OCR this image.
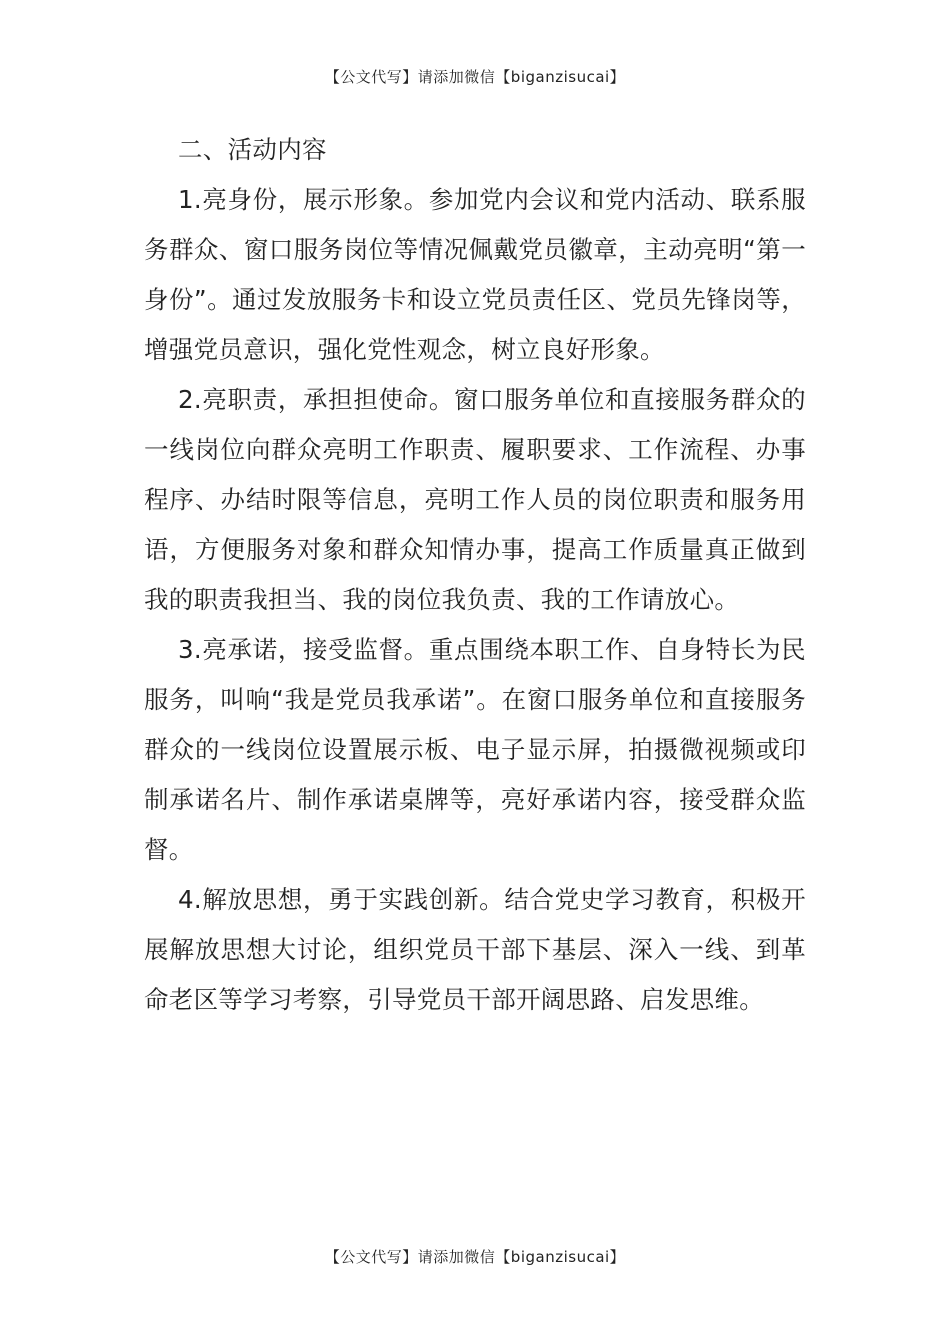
【公文代写】请添加微信【biganzisucai】

二、活动内容

1.亮身份，展示形象。参加党内会议和党内活动、联系服务群众、窗口服务岗位等情况佩戴党员徽章，主动亮明“第一身份”。通过发放服务卡和设立党员责任区、党员先锋岗等，增强党员意识，强化党性观念，树立良好形象。

2.亮职责，承担担使命。窗口服务单位和直接服务群众的一线岗位向群众亮明工作职责、履职要求、工作流程、办事程序、办结时限等信息，亮明工作人员的岗位职责和服务用语，方便服务对象和群众知情办事，提高工作质量真正做到我的职责我担当、我的岗位我负责、我的工作请放心。

3.亮承诺，接受监督。重点围绕本职工作、自身特长为民服务，叫响“我是党员我承诺”。在窗口服务单位和直接服务群众的一线岗位设置展示板、电子显示屏，拍摄微视频或印制承诺名片、制作承诺桌牌等，亮好承诺内容，接受群众监督。

4.解放思想，勇于实践创新。结合党史学习教育，积极开展解放思想大讨论，组织党员干部下基层、深入一线、到革命老区等学习考察，引导党员干部开阔思路、启发思维。

【公文代写】请添加微信【biganzisucai】
